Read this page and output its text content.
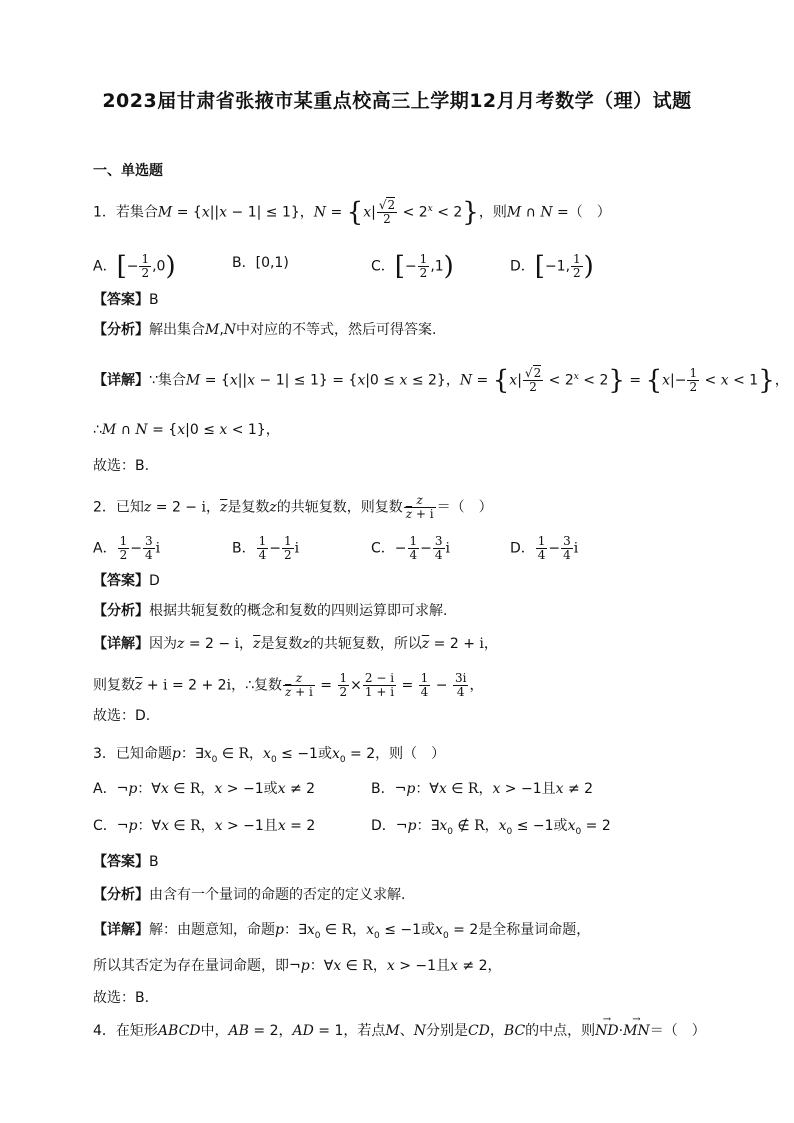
2023届甘肃省张掖市某重点校高三上学期12月月考数学（理）试题
一、单选题
1．若集合M = {x||x − 1| ≤ 1}，$N = \{x| \frac{√2}{2} < 2^x < 2\}$，则M ∩ N =（　）
A．[− $\frac{1}{2} ,0$)	B．[0,1)	C．[− $\frac{1}{2} ,1$)	D．[−1, $\frac{1}{2}$ )
【答案】B
【分析】解出集合M,N中对应的不等式，然后可得答案.
【详解】∵集合M = {x||x − 1| ≤ 1} = {x|0 ≤ x ≤ 2}，$N = \{x| \frac{√2}{2} < 2^x < 2\} = \{x|- \frac{1}{2} < x < 1\}$，
∴M ∩ N = {x|0 ≤ x < 1}，
故选：B.
2．已知z = 2 − i，$\overline{z}$是复数z的共轭复数，则复数 $\frac{z}{\overline{z} + i}$ ＝（　）
A． $\frac{1}{2} - \frac{3}{4}$ i	B． $\frac{1}{4} - \frac{1}{2}$ i	C．− $\frac{1}{4} - \frac{3}{4}$ i	D． $\frac{1}{4} - \frac{3}{4}$ i
【答案】D
【分析】根据共轭复数的概念和复数的四则运算即可求解.
【详解】因为z = 2 − i，$\overline{z}$是复数z的共轭复数，所以$\overline{z} = 2 + i$，
则复数$\overline{z} + i = 2 + 2i$，∴复数 $\frac{z}{\overline{z} + i} = \frac{1}{2} \times \frac{2 - i}{1 + i} = \frac{1}{4} - \frac{3i}{4}$ ，
故选：D.
3．已知命题p：$\exists x_0$ ∈ R，$x_0 \le -1$或$x_0 = 2$，则（　）
A．¬p：∀x ∈ R，x > −1或x ≠ 2	B．¬p：∀x ∈ R，x > −1且x ≠ 2
C．¬p：∀x ∈ R，x > −1且x = 2	D．¬p：$\exists x_0$ ∉ R，$x_0 \le -1$或$x_0 = 2$
【答案】B
【分析】由含有一个量词的命题的否定的定义求解.
【详解】解：由题意知，命题p：$\exists x_0$ ∈ R，$x_0 \le -1$或$x_0 = 2$是全称量词命题，
所以其否定为存在量词命题，即¬p：∀x ∈ R，x > −1且x ≠ 2，
故选：B.
4．在矩形ABCD中，AB = 2，AD = 1，若点M、N分别是CD，BC的中点，则→ ND·→ MN＝（　）
